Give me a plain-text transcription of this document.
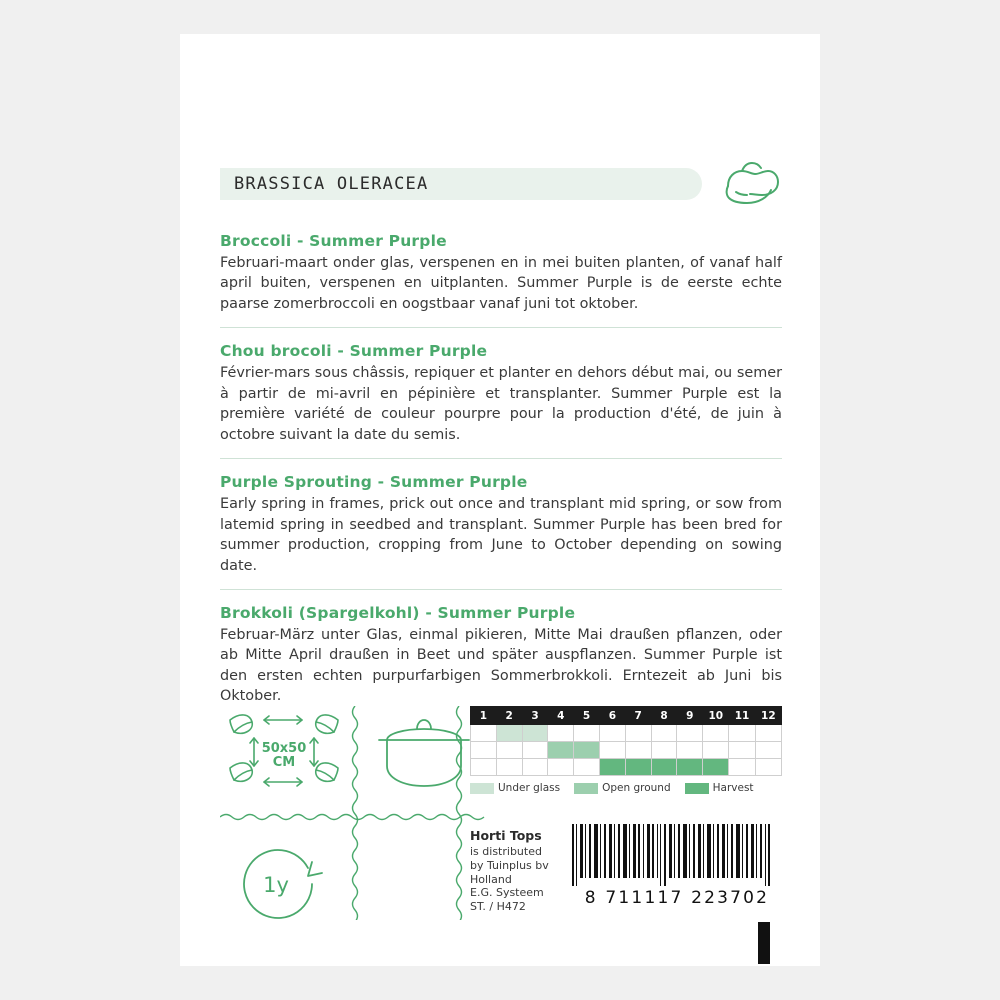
BRASSICA OLERACEA
Broccoli - Summer Purple
Februari-maart onder glas, verspenen en in mei buiten planten, of vanaf half april buiten, verspenen en uitplanten. Summer Purple is de eerste echte paarse zomerbroccoli en oogstbaar vanaf juni tot oktober.
Chou brocoli - Summer Purple
Février-mars sous châssis, repiquer et planter en dehors début mai, ou semer à partir de mi-avril en pépinière et transplanter. Summer Purple est la première variété de couleur pourpre pour la production d'été, de juin à octobre suivant la date du semis.
Purple Sprouting - Summer Purple
Early spring in frames, prick out once and transplant mid spring, or sow from latemid spring in seedbed and transplant. Summer Purple has been bred for summer production, cropping from June to October depending on sowing date.
Brokkoli (Spargelkohl) - Summer Purple
Februar-März unter Glas, einmal pikieren, Mitte Mai draußen pflanzen, oder ab Mitte April draußen in Beet und später auspflanzen. Summer Purple ist den ersten echten purpurfarbigen Sommerbrokkoli. Erntezeit ab Juni bis Oktober.
50x50
CM
1	2	3	4	5	6	7	8	9	10	11	12

Under glass	Open ground	Harvest
1y
Horti Tops
is distributed
by Tuinplus bv
Holland
E.G. Systeem
ST. / H472	8 711117 223702
